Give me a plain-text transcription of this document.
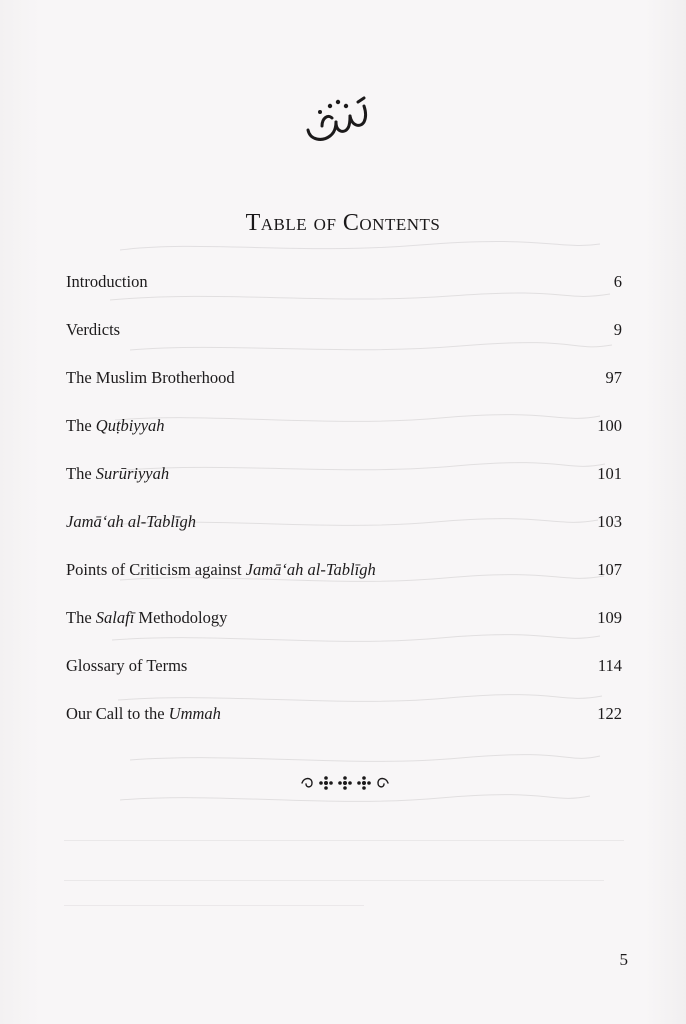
Table of Contents
Introduction	6
Verdicts	9
The Muslim Brotherhood	97
The Quṭbiyyah	100
The Surūriyyah	101
Jamā‘ah al-Tablīgh	103
Points of Criticism against Jamā‘ah al-Tablīgh	107
The Salafī Methodology	109
Glossary of Terms	114
Our Call to the Ummah	122
5
